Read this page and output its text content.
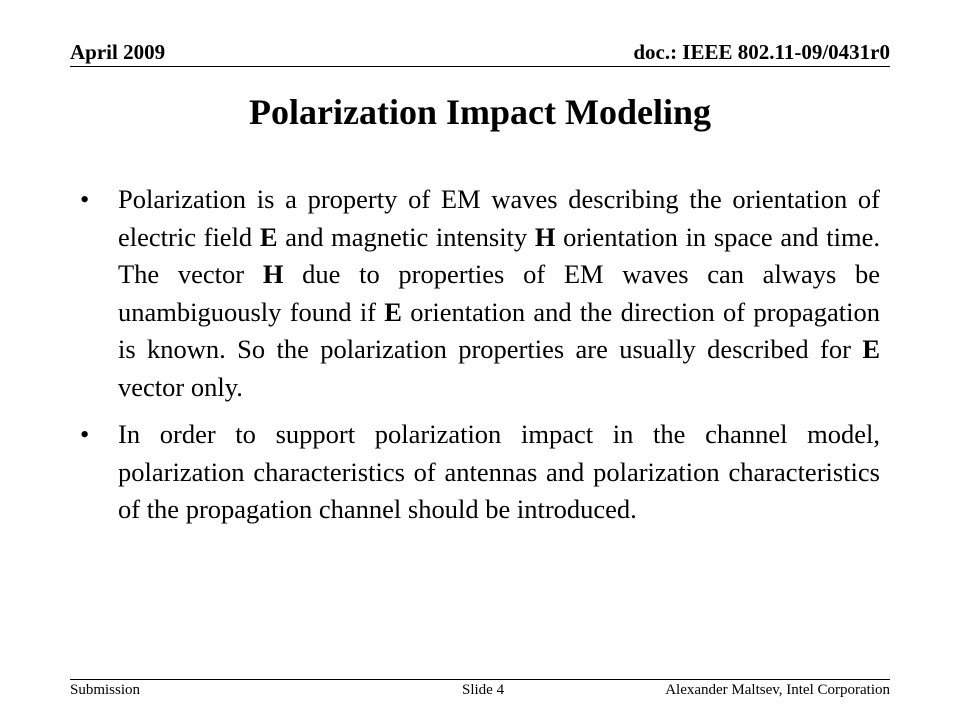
April 2009	doc.: IEEE 802.11-09/0431r0
Polarization Impact Modeling
• Polarization is a property of EM waves describing the orientation of electric field E and magnetic intensity H orientation in space and time. The vector H due to properties of EM waves can always be unambiguously found if E orientation and the direction of propagation is known. So the polarization properties are usually described for E vector only.
• In order to support polarization impact in the channel model, polarization characteristics of antennas and polarization characteristics of the propagation channel should be introduced.
Submission	Slide 4	Alexander Maltsev, Intel Corporation
